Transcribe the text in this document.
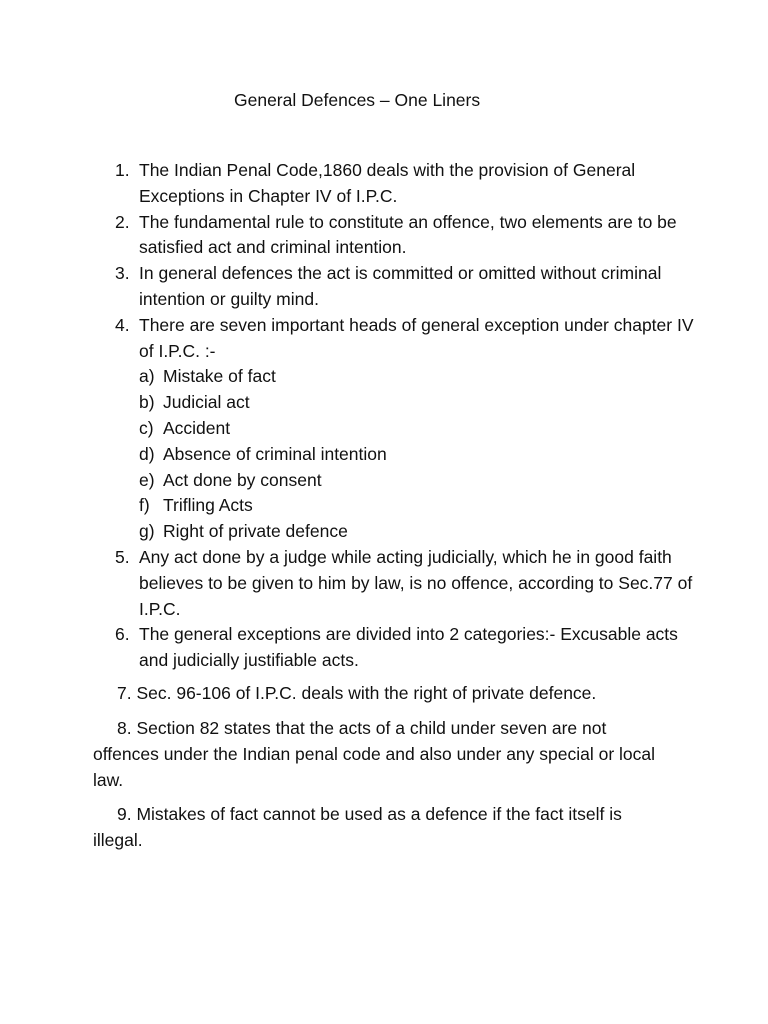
General Defences – One Liners
1. The Indian Penal Code,1860 deals with the provision of General Exceptions in Chapter IV of I.P.C.
2. The fundamental rule to constitute an offence, two elements are to be satisfied act and criminal intention.
3. In general defences the act is committed or omitted without criminal intention or guilty mind.
4. There are seven important heads of general exception under chapter IV of I.P.C. :-
a) Mistake of fact
b) Judicial act
c) Accident
d) Absence of criminal intention
e) Act done by consent
f) Trifling Acts
g) Right of private defence
5. Any act done by a judge while acting judicially, which he in good faith believes to be given to him by law, is no offence, according to Sec.77 of I.P.C.
6. The general exceptions are divided into 2 categories:- Excusable acts and judicially justifiable acts.

7. Sec. 96-106 of I.P.C. deals with the right of private defence.

8. Section 82 states that the acts of a child under seven are not offences under the Indian penal code and also under any special or local law.

9. Mistakes of fact cannot be used as a defence if the fact itself is illegal.
